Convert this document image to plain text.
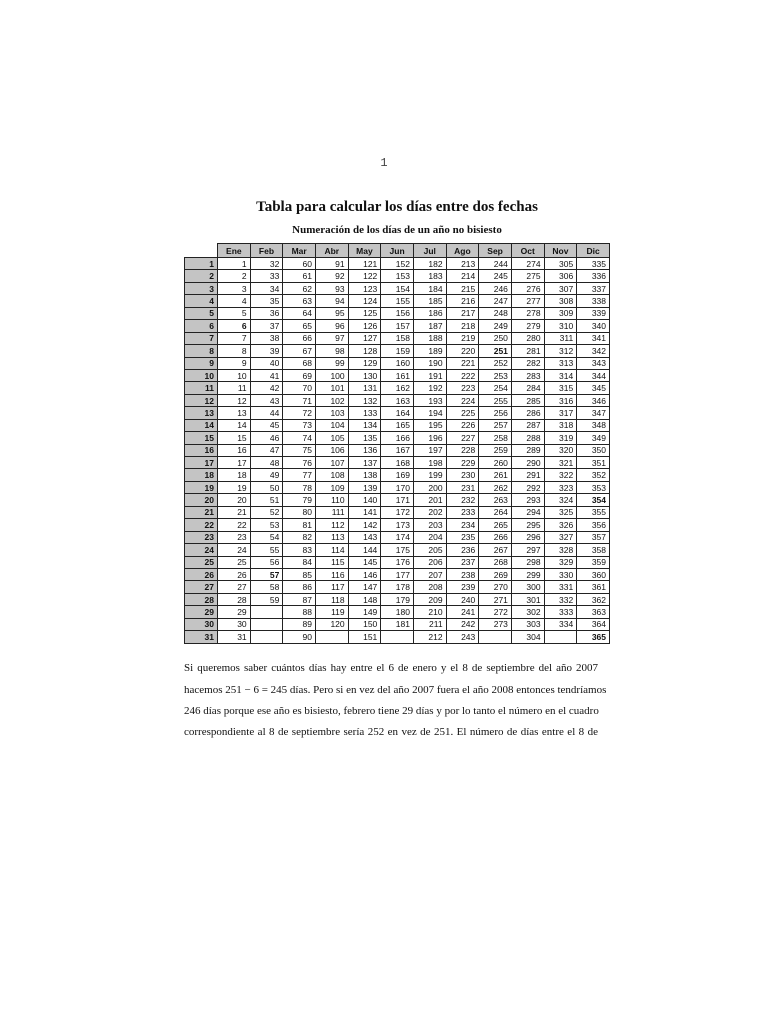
1
Tabla para calcular los días entre dos fechas
Numeración de los días de un año no bisiesto
	Ene	Feb	Mar	Abr	May	Jun	Jul	Ago	Sep	Oct	Nov	Dic
1	1	32	60	91	121	152	182	213	244	274	305	335
2	2	33	61	92	122	153	183	214	245	275	306	336
3	3	34	62	93	123	154	184	215	246	276	307	337
4	4	35	63	94	124	155	185	216	247	277	308	338
5	5	36	64	95	125	156	186	217	248	278	309	339
6	6	37	65	96	126	157	187	218	249	279	310	340
7	7	38	66	97	127	158	188	219	250	280	311	341
8	8	39	67	98	128	159	189	220	251	281	312	342
9	9	40	68	99	129	160	190	221	252	282	313	343
10	10	41	69	100	130	161	191	222	253	283	314	344
11	11	42	70	101	131	162	192	223	254	284	315	345
12	12	43	71	102	132	163	193	224	255	285	316	346
13	13	44	72	103	133	164	194	225	256	286	317	347
14	14	45	73	104	134	165	195	226	257	287	318	348
15	15	46	74	105	135	166	196	227	258	288	319	349
16	16	47	75	106	136	167	197	228	259	289	320	350
17	17	48	76	107	137	168	198	229	260	290	321	351
18	18	49	77	108	138	169	199	230	261	291	322	352
19	19	50	78	109	139	170	200	231	262	292	323	353
20	20	51	79	110	140	171	201	232	263	293	324	354
21	21	52	80	111	141	172	202	233	264	294	325	355
22	22	53	81	112	142	173	203	234	265	295	326	356
23	23	54	82	113	143	174	204	235	266	296	327	357
24	24	55	83	114	144	175	205	236	267	297	328	358
25	25	56	84	115	145	176	206	237	268	298	329	359
26	26	57	85	116	146	177	207	238	269	299	330	360
27	27	58	86	117	147	178	208	239	270	300	331	361
28	28	59	87	118	148	179	209	240	271	301	332	362
29	29		88	119	149	180	210	241	272	302	333	363
30	30		89	120	150	181	211	242	273	303	334	364
31	31		90		151		212	243		304		365

Si queremos saber cuántos días hay entre el 6 de enero y el 8 de septiembre del año 2007

hacemos 251 − 6 = 245 días. Pero si en vez del año 2007 fuera el año 2008 entonces tendríamos

246 días porque ese año es bisiesto, febrero tiene 29 días y por lo tanto el número en el cuadro

correspondiente al 8 de septiembre sería 252 en vez de 251. El número de días entre el 8 de
